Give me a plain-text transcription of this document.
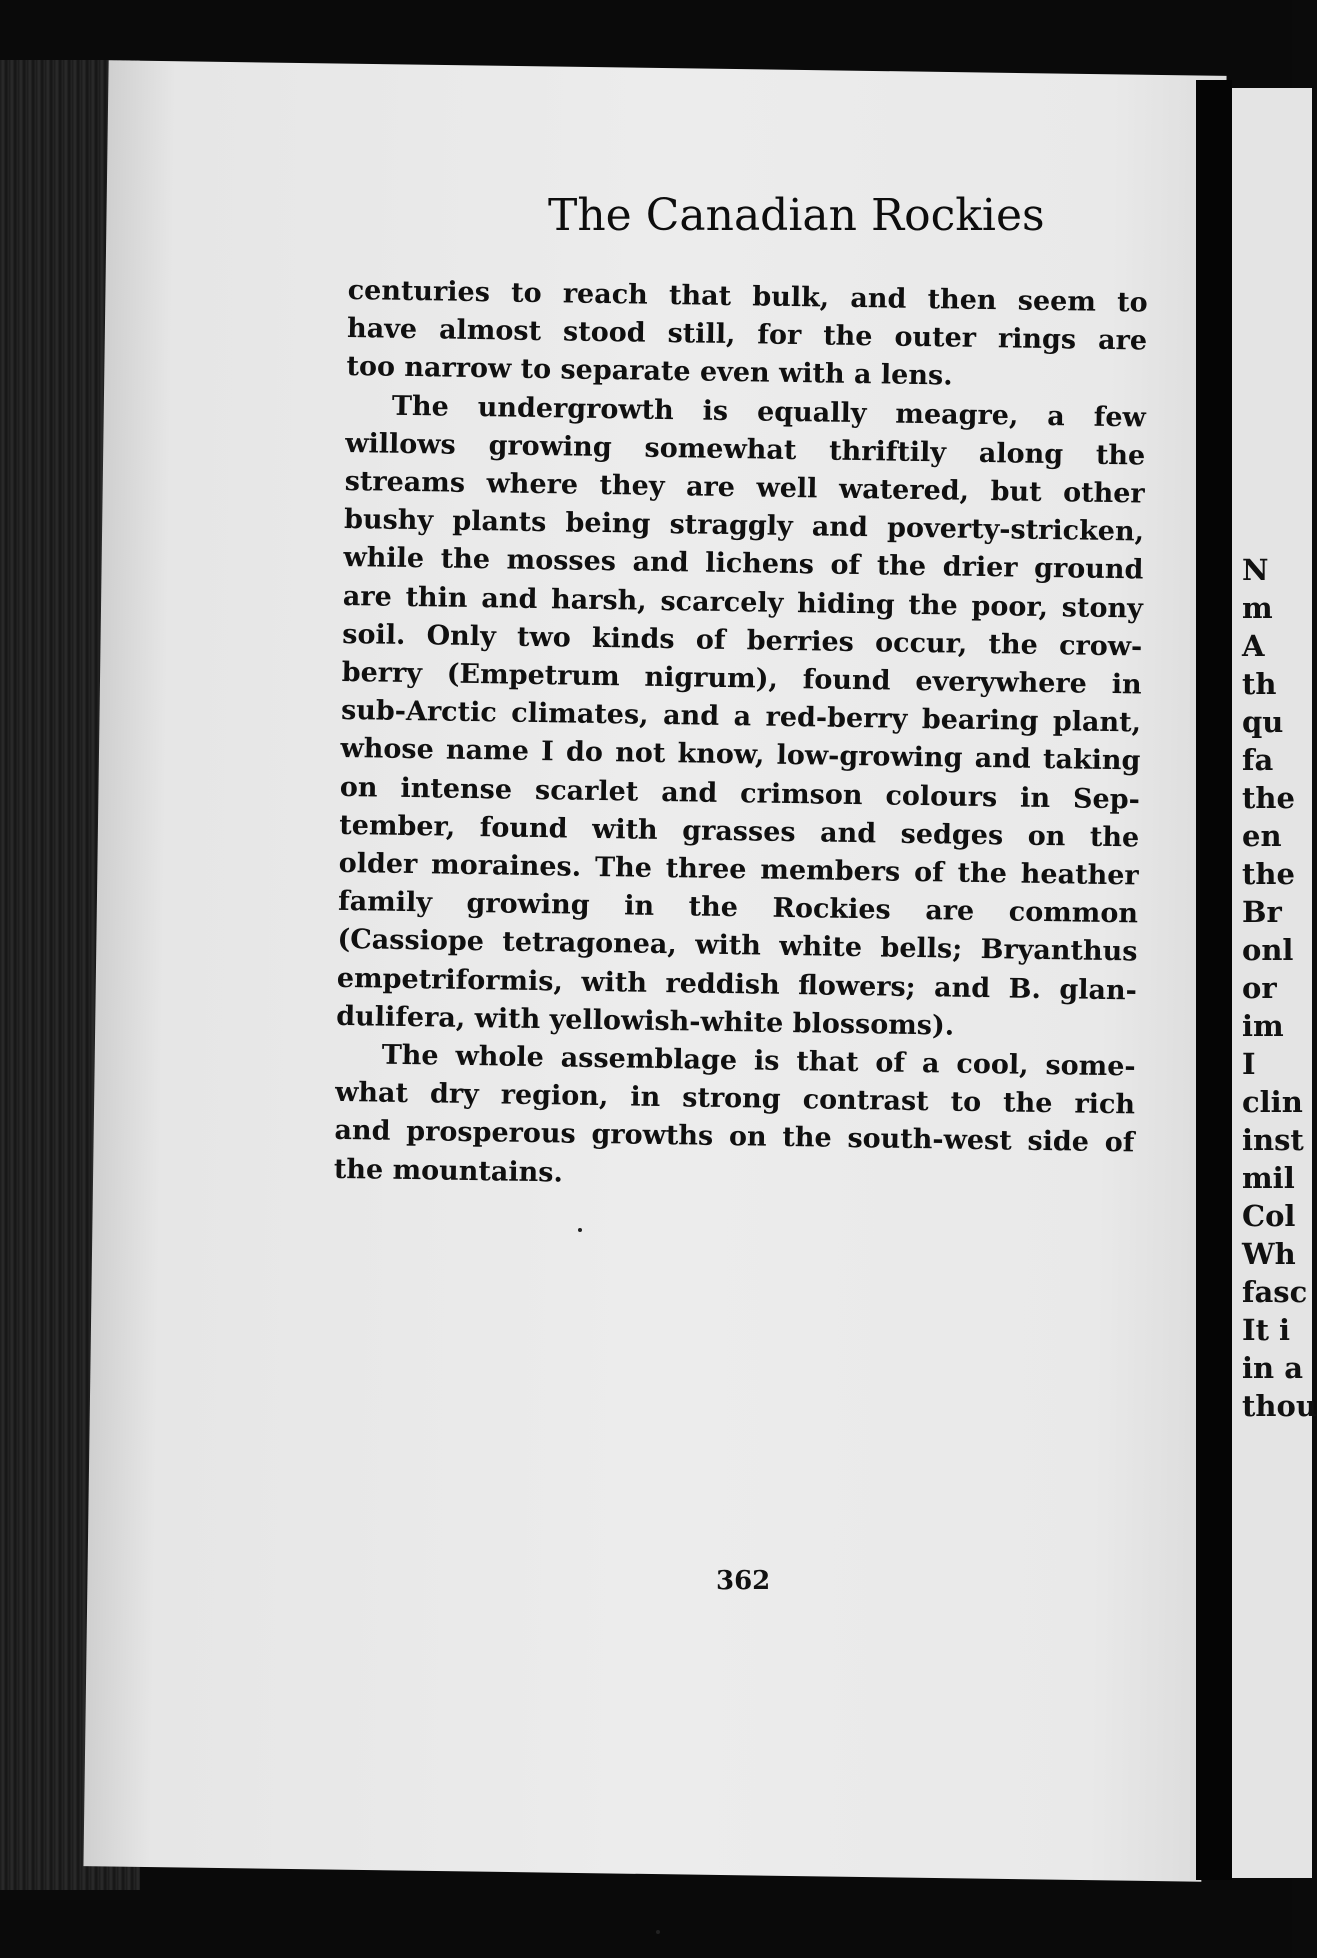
N
m
A
th
qu
fa
the
en
the
Br
onl
or
im
I
clin
inst
mil
Col
Wh
fasc
It i
in a
thou
The Canadian Rockies
centuries to reach that bulk, and then seem to
have almost stood still, for the outer rings are
too narrow to separate even with a lens.
The undergrowth is equally meagre, a few
willows growing somewhat thriftily along the
streams where they are well watered, but other
bushy plants being straggly and poverty-stricken,
while the mosses and lichens of the drier ground
are thin and harsh, scarcely hiding the poor, stony
soil. Only two kinds of berries occur, the crow-
berry (Empetrum nigrum), found everywhere in
sub-Arctic climates, and a red-berry bearing plant,
whose name I do not know, low-growing and taking
on intense scarlet and crimson colours in Sep-
tember, found with grasses and sedges on the
older moraines. The three members of the heather
family growing in the Rockies are common
(Cassiope tetragonea, with white bells; Bryanthus
empetriformis, with reddish flowers; and B. glan-
dulifera, with yellowish-white blossoms).
The whole assemblage is that of a cool, some-
what dry region, in strong contrast to the rich
and prosperous growths on the south-west side of
the mountains.
362
